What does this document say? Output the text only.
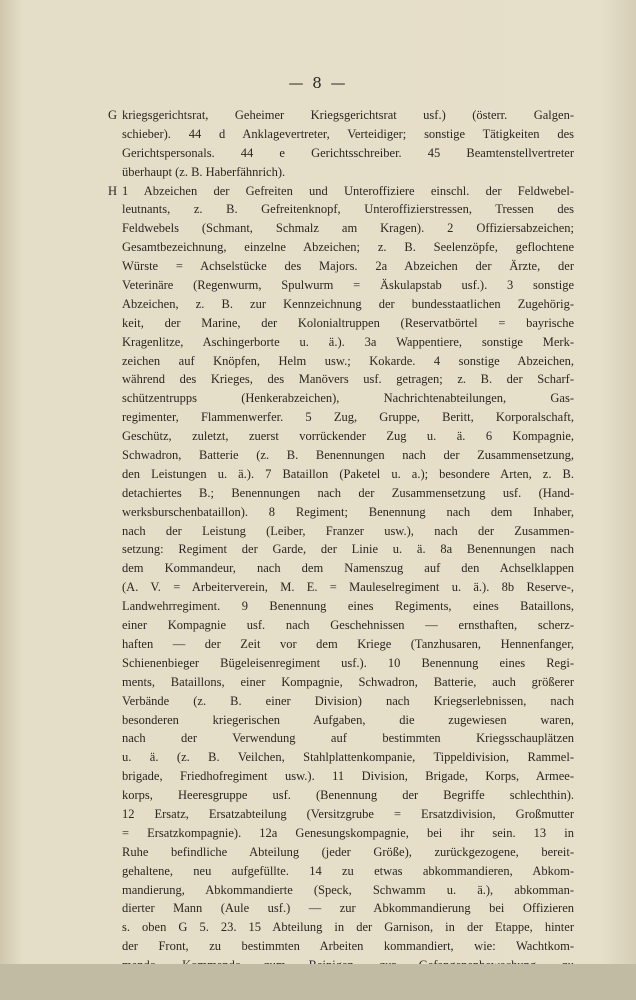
— 8 —
G kriegsgerichtsrat, Geheimer Kriegsgerichtsrat usf.) (österr. Galgen-
schieber). 44 d Anklagevertreter, Verteidiger; sonstige Tätigkeiten des
Gerichtspersonals. 44 e Gerichtsschreiber. 45 Beamtenstellvertreter
überhaupt (z. B. Haberfähnrich).
H 1 Abzeichen der Gefreiten und Unteroffiziere einschl. der Feldwebel-
leutnants, z. B. Gefreitenknopf, Unteroffizierstressen, Tressen des
Feldwebels (Schmant, Schmalz am Kragen). 2 Offiziersabzeichen;
Gesamtbezeichnung, einzelne Abzeichen; z. B. Seelenzöpfe, geflochtene
Würste = Achselstücke des Majors. 2a Abzeichen der Ärzte, der
Veterinäre (Regenwurm, Spulwurm = Äskulapstab usf.). 3 sonstige
Abzeichen, z. B. zur Kennzeichnung der bundesstaatlichen Zugehörig-
keit, der Marine, der Kolonialtruppen (Reservatbörtel = bayrische
Kragenlitze, Aschingerborte u. ä.). 3a Wappentiere, sonstige Merk-
zeichen auf Knöpfen, Helm usw.; Kokarde. 4 sonstige Abzeichen,
während des Krieges, des Manövers usf. getragen; z. B. der Scharf-
schützentrupps (Henkerabzeichen), Nachrichtenabteilungen, Gas-
regimenter, Flammenwerfer. 5 Zug, Gruppe, Beritt, Korporalschaft,
Geschütz, zuletzt, zuerst vorrückender Zug u. ä. 6 Kompagnie,
Schwadron, Batterie (z. B. Benennungen nach der Zusammensetzung,
den Leistungen u. ä.). 7 Bataillon (Paketel u. a.); besondere Arten, z. B.
detachiertes B.; Benennungen nach der Zusammensetzung usf. (Hand-
werksburschenbataillon). 8 Regiment; Benennung nach dem Inhaber,
nach der Leistung (Leiber, Franzer usw.), nach der Zusammen-
setzung: Regiment der Garde, der Linie u. ä. 8a Benennungen nach
dem Kommandeur, nach dem Namenszug auf den Achselklappen
(A. V. = Arbeiterverein, M. E. = Mauleselregiment u. ä.). 8b Reserve-,
Landwehrregiment. 9 Benennung eines Regiments, eines Bataillons,
einer Kompagnie usf. nach Geschehnissen — ernsthaften, scherz-
haften — der Zeit vor dem Kriege (Tanzhusaren, Hennenfanger,
Schienenbieger Bügeleisenregiment usf.). 10 Benennung eines Regi-
ments, Bataillons, einer Kompagnie, Schwadron, Batterie, auch größerer
Verbände (z. B. einer Division) nach Kriegserlebnissen, nach
besonderen kriegerischen Aufgaben, die zugewiesen waren,
nach der Verwendung auf bestimmten Kriegsschauplätzen
u. ä. (z. B. Veilchen, Stahlplattenkompanie, Tippeldivision, Rammel-
brigade, Friedhofregiment usw.). 11 Division, Brigade, Korps, Armee-
korps, Heeresgruppe usf. (Benennung der Begriffe schlechthin).
12 Ersatz, Ersatzabteilung (Versitzgrube = Ersatzdivision, Großmutter
= Ersatzkompagnie). 12a Genesungskompagnie, bei ihr sein. 13 in
Ruhe befindliche Abteilung (jeder Größe), zurückgezogene, bereit-
gehaltene, neu aufgefüllte. 14 zu etwas abkommandieren, Abkom-
mandierung, Abkommandierte (Speck, Schwamm u. ä.), abkomman-
dierter Mann (Aule usf.) — zur Abkommandierung bei Offizieren
s. oben G 5. 23. 15 Abteilung in der Garnison, in der Etappe, hinter
der Front, zu bestimmten Arbeiten kommandiert, wie: Wachtkom-
